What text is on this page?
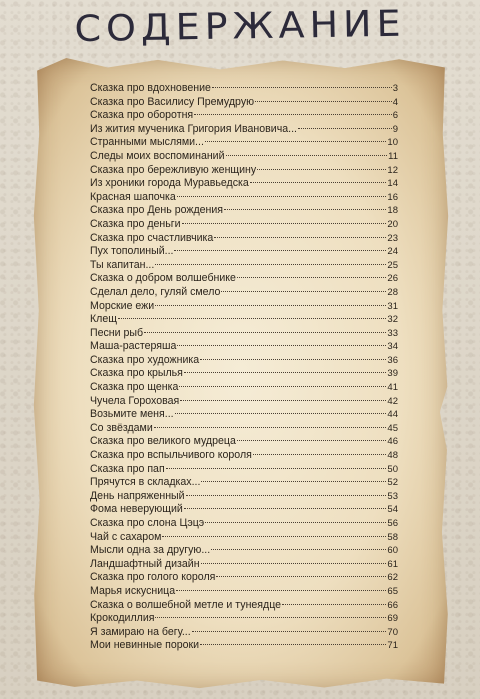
СОДЕРЖАНИЕ
Сказка про вдохновение	3
Сказка про Василису Премудрую	4
Сказка про оборотня	6
Из жития мученика Григория Ивановича...	9
Странными мыслями...	10
Следы моих воспоминаний	11
Сказка про бережливую женщину	12
Из хроники города Муравьедска	14
Красная шапочка	16
Сказка про День рождения	18
Сказка про деньги	20
Сказка про счастливчика	23
Пух тополиный...	24
Ты капитан...	25
Сказка о добром волшебнике	26
Сделал дело, гуляй смело	28
Морские ежи	31
Клещ	32
Песни рыб	33
Маша-растеряша	34
Сказка про художника	36
Сказка про крылья	39
Сказка про щенка	41
Чучела Гороховая	42
Возьмите меня...	44
Со звёздами	45
Сказка про великого мудреца	46
Сказка про вспыльчивого короля	48
Сказка про пап	50
Прячутся в складках...	52
День напряженный	53
Фома неверующий	54
Сказка про слона Цэцэ	56
Чай с сахаром	58
Мысли одна за другую...	60
Ландшафтный дизайн	61
Сказка про голого короля	62
Марья искусница	65
Сказка о волшебной метле и тунеядце	66
Крокодиллия	69
Я замираю на бегу...	70
Мои невинные пороки	71
